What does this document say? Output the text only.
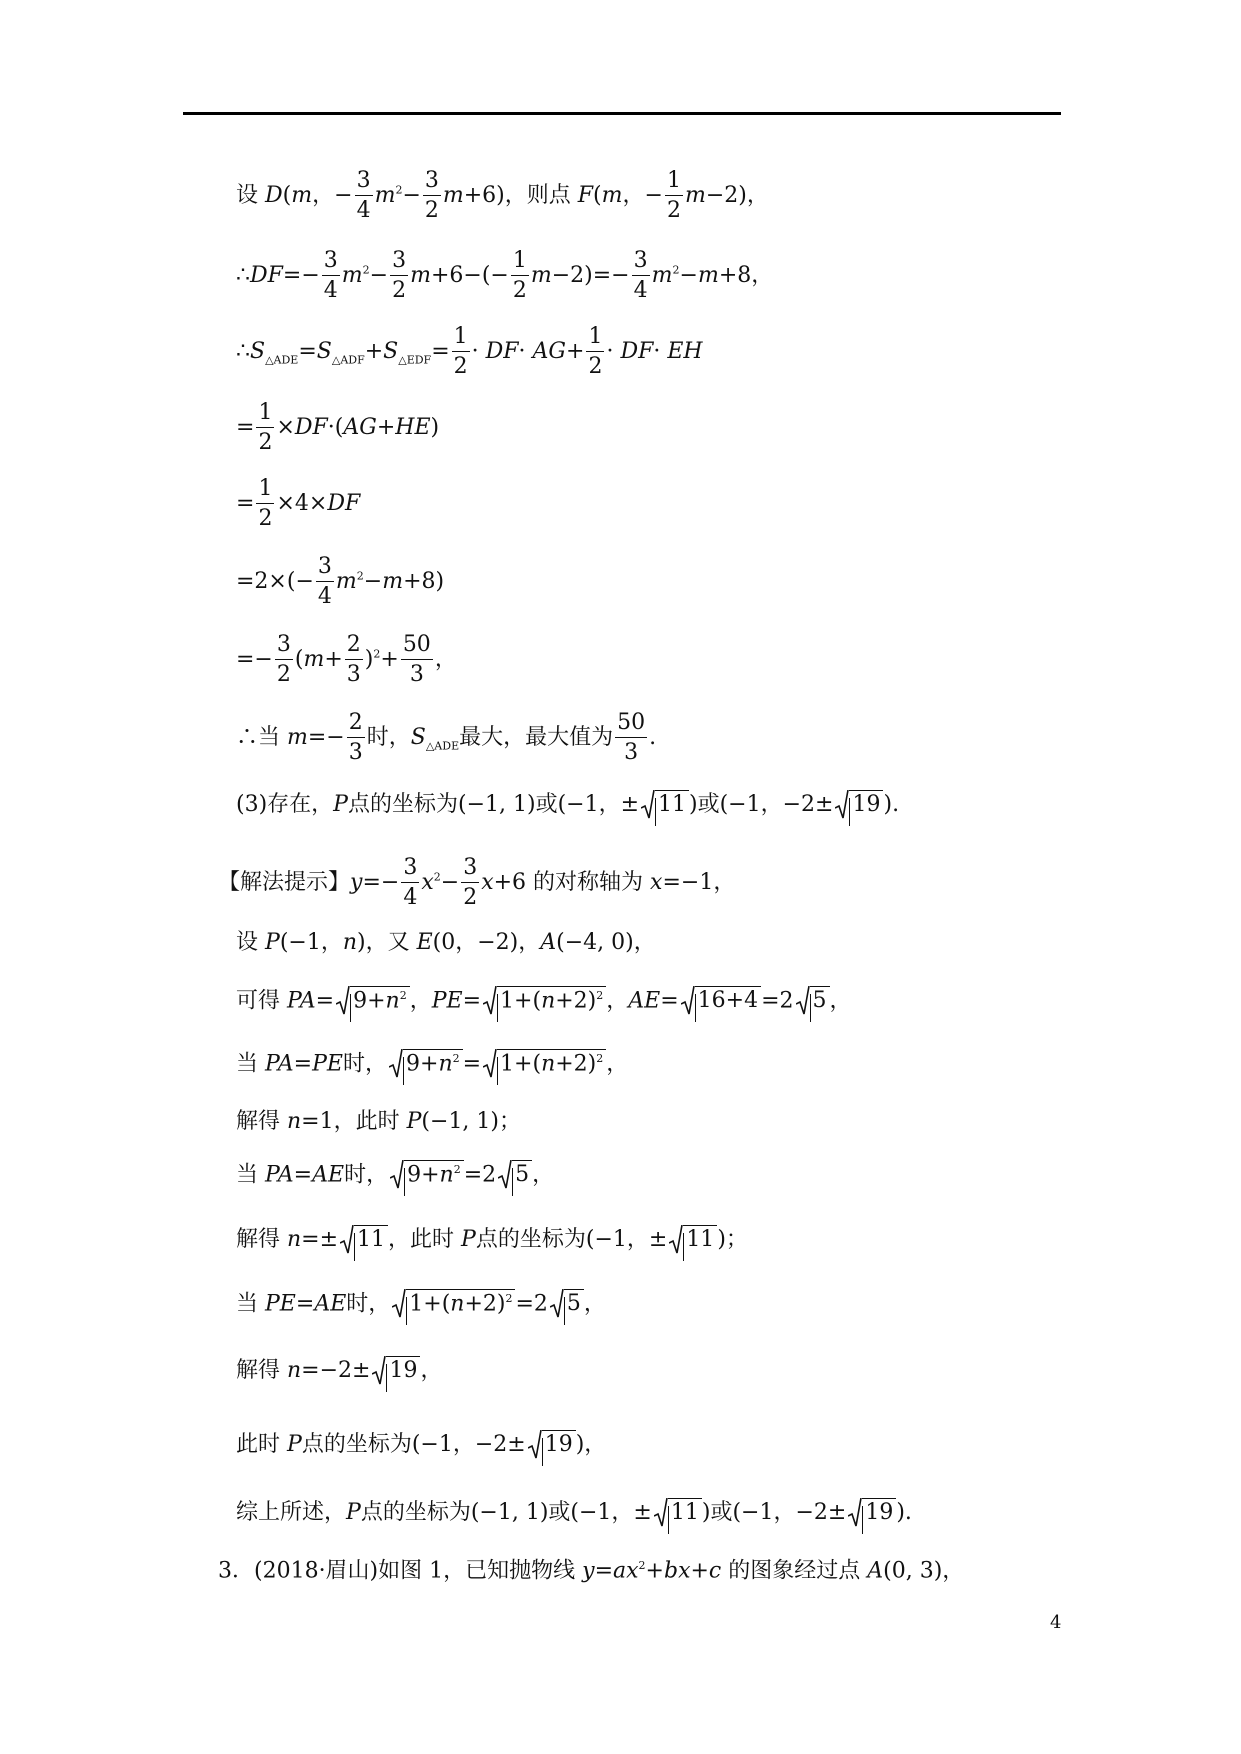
设 D(m，− $\frac{3}{4} m^2- \frac{3}{2} m+6$)，则点 F(m，− $\frac{1}{2} m-2$)，
∴DF=− $\frac{3}{4} m^2- \frac{3}{2} m+6-(- \frac{1}{2} m-2)=- \frac{3}{4} m^2-m+8$，
$\therefore S_{\triangle ADE}=S_{\triangle ADF}+S_{\triangle EDF}= \frac{1}{2} \cdot DF\cdot AG+ \frac{1}{2} \cdot DF\cdot$ EH
= $\frac{1}{2} \times DF\cdot(AG+HE)$
= $\frac{1}{2} \times 4\times DF$
$=2\times(- \frac{3}{4} m^2-m+8)$
=− $\frac{3}{2} (m+ \frac{2}{3} )^2+ \frac{50}{3}$ ，
∴当 $m=- \frac{2}{3}$ 时，$S_{\triangle ADE}$最大，最大值为 $\frac{50}{3}$ .
(3)存在，P点的坐标为(−1, 1)或(−1，± 11 )或(−1，−2± 19 ).
【解法提示】$y=- \frac{3}{4} x^2- \frac{3}{2} x+6$ 的对称轴为 x=−1，
设 P(−1，n)，又 E(0，−2)，A(−4, 0)，
可得 $PA= 9+n^2$ ，$PE= 1+(n+2)^2$ ，AE= 16+4 =2 5 ，
当 PA=PE时， $9+n^2 = 1+(n+2)^2$ ，
解得 n=1，此时 P(−1, 1)；
当 PA=AE时， $9+n^2 =2$ 5 ，
解得 n=± 11 ，此时 P点的坐标为(−1，± 11 )；
当 PE=AE时， $1+(n+2)^2 =2$ 5 ，
解得 n=−2± 19 ，
此时 P点的坐标为(−1，−2± 19 )，
综上所述，P点的坐标为(−1, 1)或(−1，± 11 )或(−1，−2± 19 ).
3．(2018·眉山)如图 1，已知抛物线 $y=ax^2+bx+c$ 的图象经过点 A(0, 3)，
4
